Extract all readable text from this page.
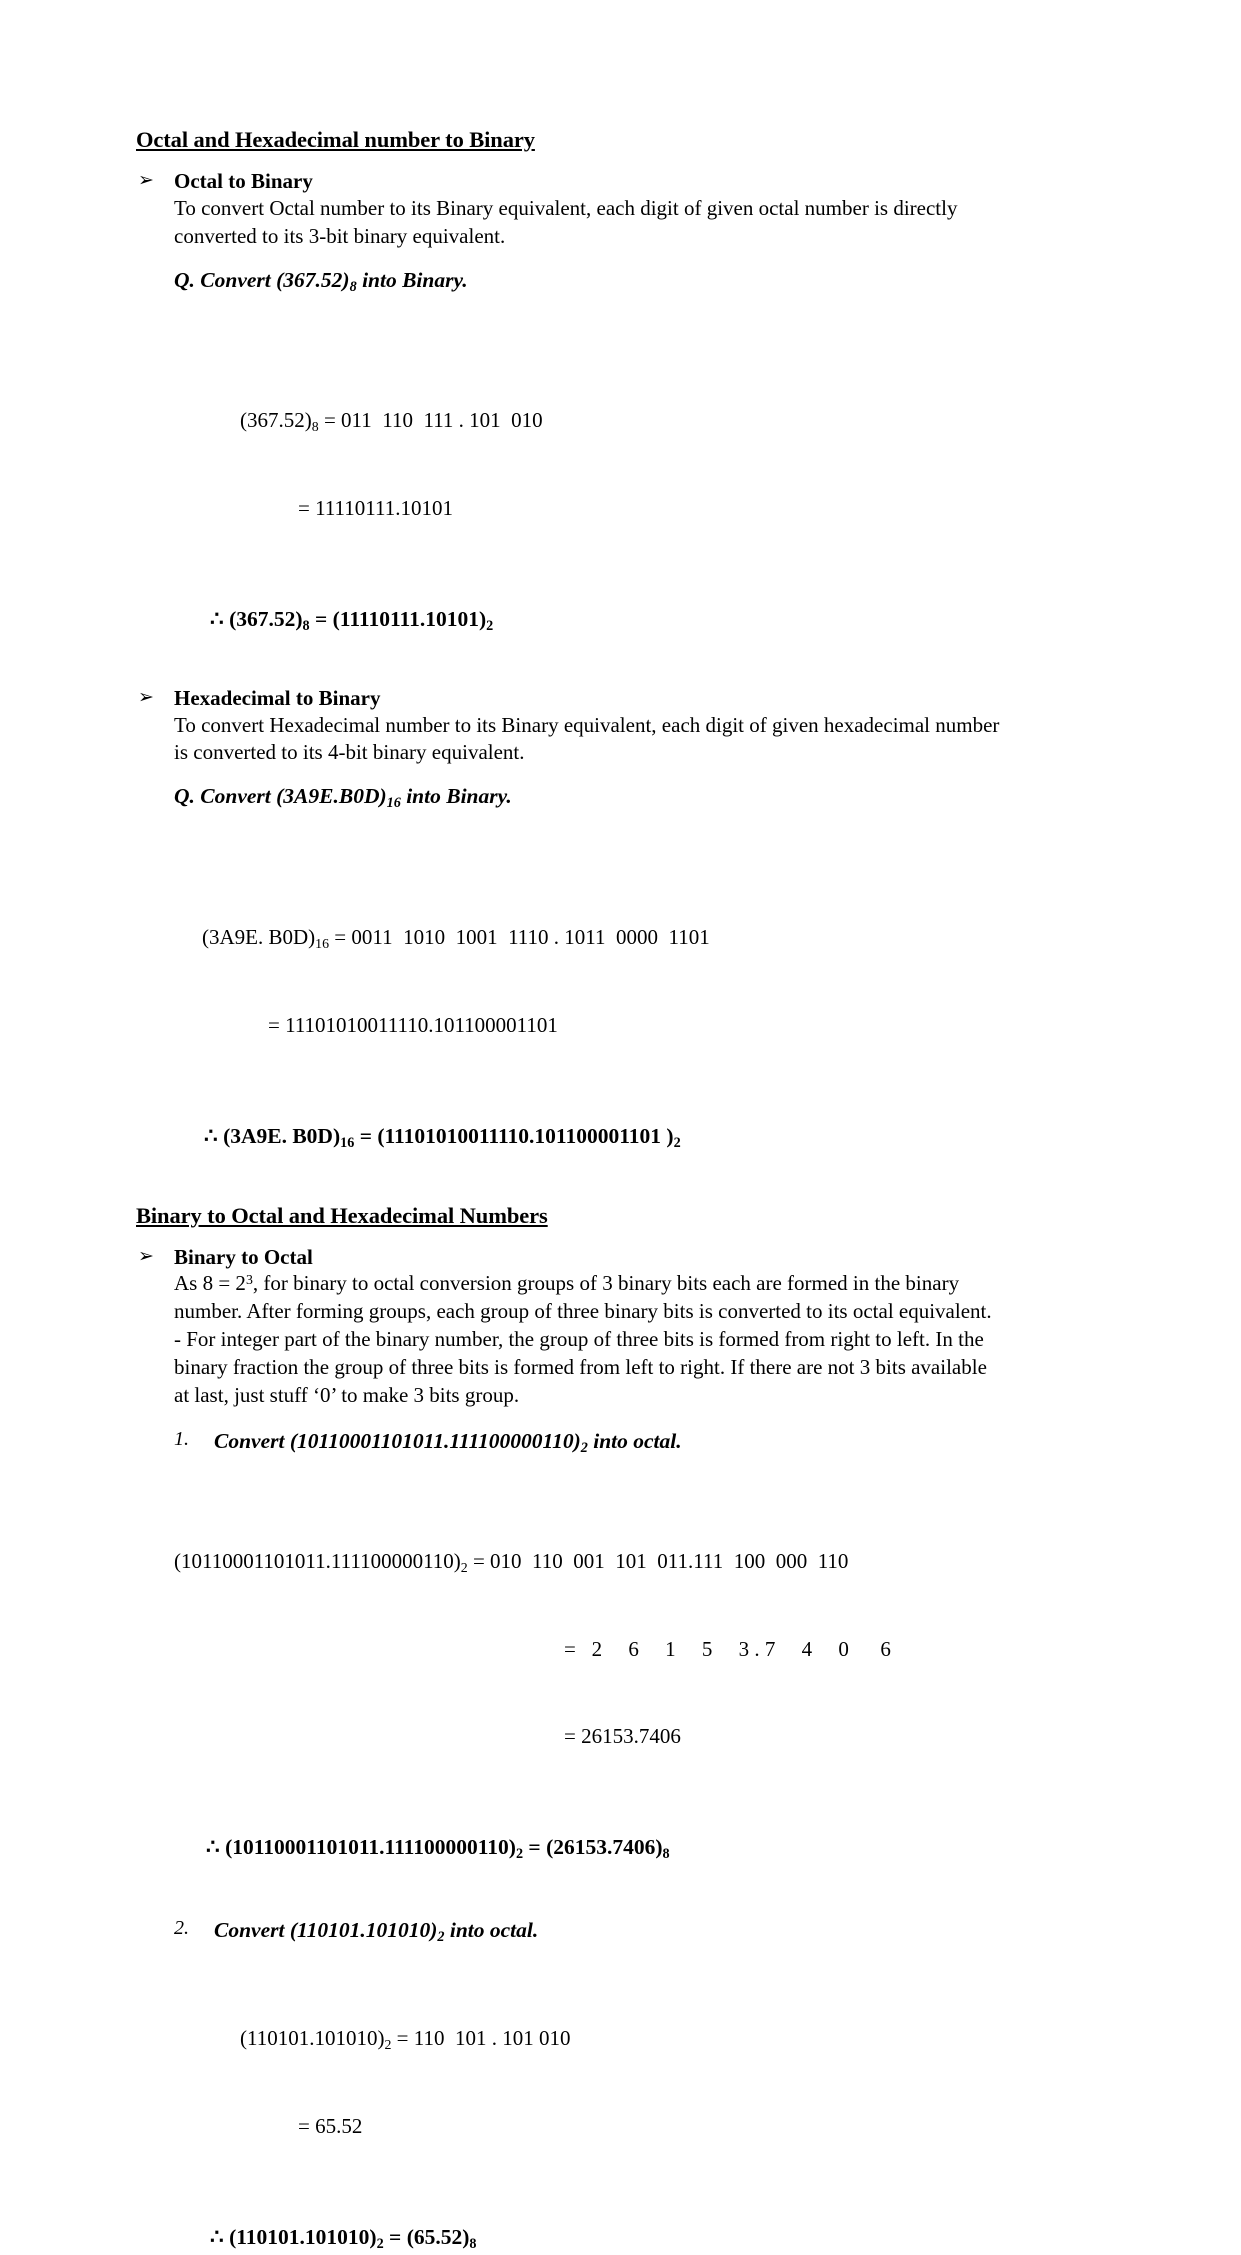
Octal and Hexadecimal number to Binary
➢ Octal to Binary

To convert Octal number to its Binary equivalent, each digit of given octal number is directly converted to its 3-bit binary equivalent.

Q. Convert $(367.52)_8$ into Binary.

$(367.52)_8 = 011$  110  111 . 101  010

= 11110111.10101

∴ $(367.52)_8 = (11110111.10101)_2$
➢ Hexadecimal to Binary

To convert Hexadecimal number to its Binary equivalent, each digit of given hexadecimal number is converted to its 4-bit binary equivalent.

Q. Convert $(3A9E.B0D)_{16}$ into Binary.

(3A9E. $B0D)_{16} = 0011$  1010  1001  1110 . 1011  0000  1101

= 11101010011110.101100001101

∴ (3A9E. $B0D)_{16} = (11101010011110.101100001101$ )$_2$
Binary to Octal and Hexadecimal Numbers
➢ Binary to Octal

As $8 = 2^3$, for binary to octal conversion groups of 3 binary bits each are formed in the binary number. After forming groups, each group of three binary bits is converted to its octal equivalent.

- For integer part of the binary number, the group of three bits is formed from right to left. In the binary fraction the group of three bits is formed from left to right. If there are not 3 bits available at last, just stuff ‘0’ to make 3 bits group.

1. Convert $(10110001101011.111100000110)_2$ into octal.

$(10110001101011.111100000110)_2 = 010$  110  001  101  011.111  100  000  110

=   2     6     1     5     3 . 7     4     0      6

= 26153.7406

∴ $(10110001101011.111100000110)_2 = (26153.7406)_8$
2. Convert $(110101.101010)_2$ into octal.

$(110101.101010)_2 = 110$  101 . 101 010

= 65.52

∴ $(110101.101010)_2 = (65.52)_8$
